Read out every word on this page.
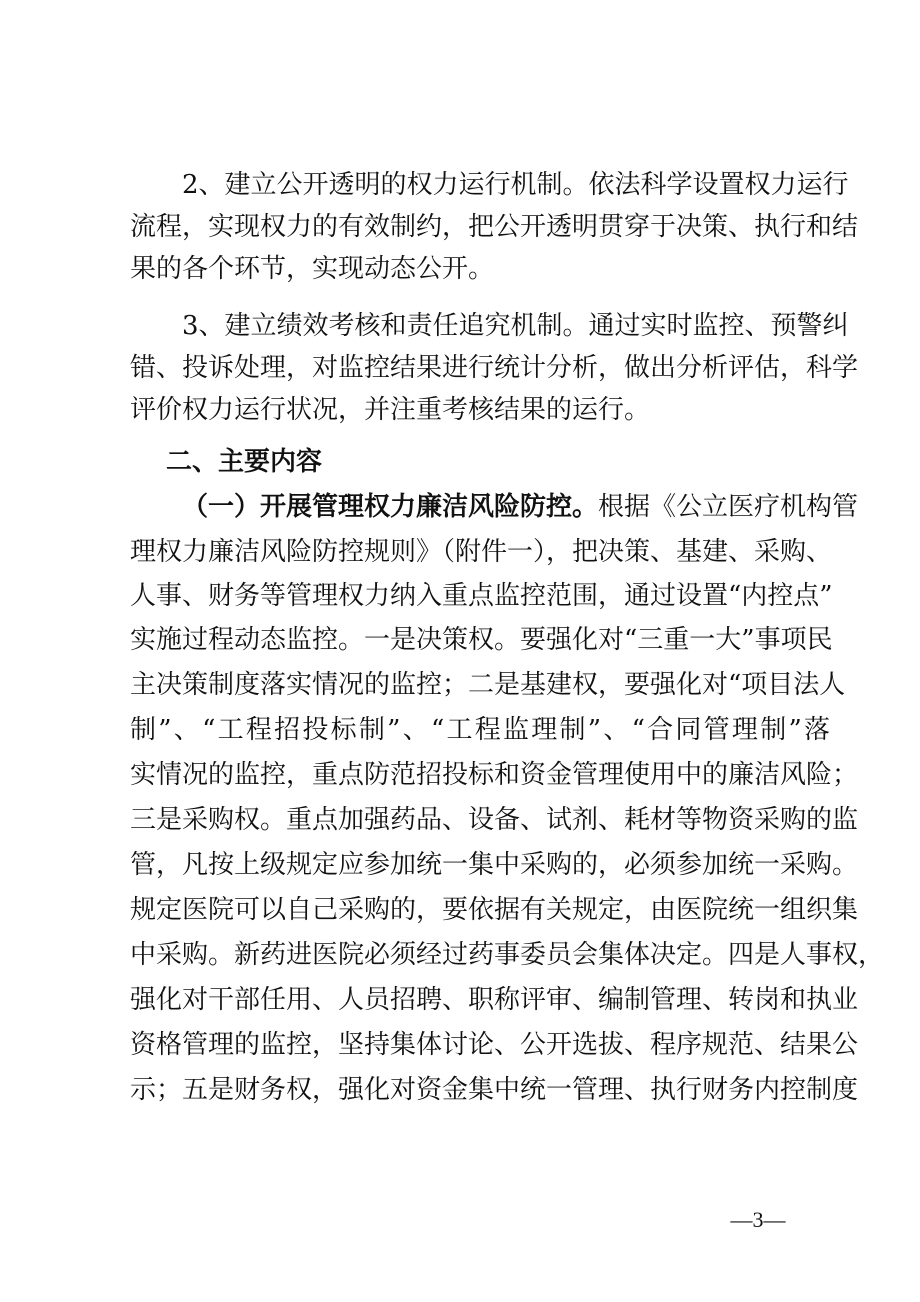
2、建立公开透明的权力运行机制。依法科学设置权力运行
流程，实现权力的有效制约，把公开透明贯穿于决策、执行和结
果的各个环节，实现动态公开。
3、建立绩效考核和责任追究机制。通过实时监控、预警纠
错、投诉处理，对监控结果进行统计分析，做出分析评估，科学
评价权力运行状况，并注重考核结果的运行。
二、主要内容
（一）开展管理权力廉洁风险防控。根据《公立医疗机构管
理权力廉洁风险防控规则》（附件一），把决策、基建、采购、
人事、财务等管理权力纳入重点监控范围，通过设置“内控点”
实施过程动态监控。一是决策权。要强化对“三重一大”事项民
主决策制度落实情况的监控；二是基建权，要强化对“项目法人
制”、“工程招投标制”、“工程监理制”、“合同管理制”落
实情况的监控，重点防范招投标和资金管理使用中的廉洁风险；
三是采购权。重点加强药品、设备、试剂、耗材等物资采购的监
管，凡按上级规定应参加统一集中采购的，必须参加统一采购。
规定医院可以自己采购的，要依据有关规定，由医院统一组织集
中采购。新药进医院必须经过药事委员会集体决定。四是人事权，
强化对干部任用、人员招聘、职称评审、编制管理、转岗和执业
资格管理的监控，坚持集体讨论、公开选拔、程序规范、结果公
示；五是财务权，强化对资金集中统一管理、执行财务内控制度
—3—
